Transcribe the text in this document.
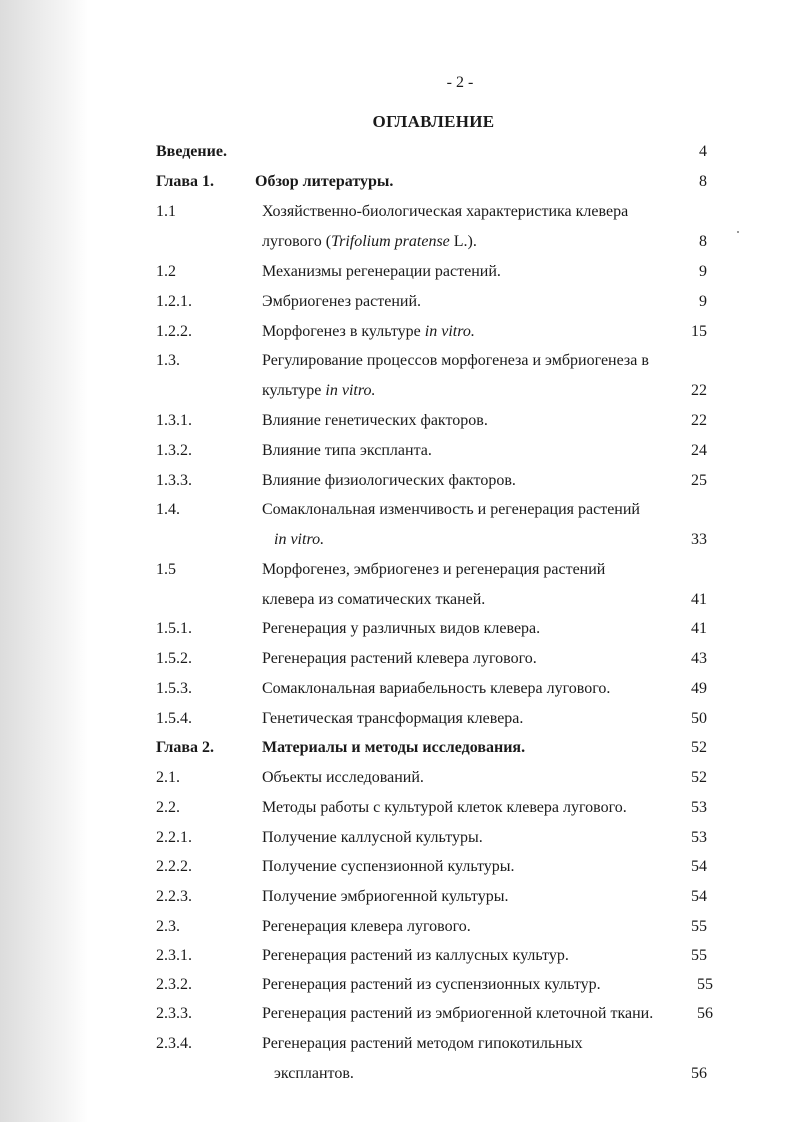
- 2 -
ОГЛАВЛЕНИЕ
Введение.	4
Глава 1.	Обзор литературы.	8
1.1	Хозяйственно-биологическая характеристика клевера
лугового (Trifolium pratense L.).	8
1.2	Механизмы регенерации растений.	9
1.2.1.	Эмбриогенез растений.	9
1.2.2.	Морфогенез в культуре in vitro.	15
1.3.	Регулирование процессов морфогенеза и эмбриогенеза в
культуре in vitro.	22
1.3.1.	Влияние генетических факторов.	22
1.3.2.	Влияние типа экспланта.	24
1.3.3.	Влияние физиологических факторов.	25
1.4.	Сомаклональная изменчивость и регенерация растений
in vitro.	33
1.5	Морфогенез, эмбриогенез и регенерация растений
клевера из соматических тканей.	41
1.5.1.	Регенерация у различных видов клевера.	41
1.5.2.	Регенерация растений клевера лугового.	43
1.5.3.	Сомаклональная вариабельность клевера лугового.	49
1.5.4.	Генетическая трансформация клевера.	50
Глава 2.	Материалы и методы исследования.	52
2.1.	Объекты исследований.	52
2.2.	Методы работы с культурой клеток клевера лугового.	53
2.2.1.	Получение каллусной культуры.	53
2.2.2.	Получение суспензионной культуры.	54
2.2.3.	Получение эмбриогенной культуры.	54
2.3.	Регенерация клевера лугового.	55
2.3.1.	Регенерация растений из каллусных культур.	55
2.3.2.	Регенерация растений из суспензионных культур.	55
2.3.3.	Регенерация растений из эмбриогенной клеточной ткани.	56
2.3.4.	Регенерация растений методом гипокотильных
эксплантов.	56
